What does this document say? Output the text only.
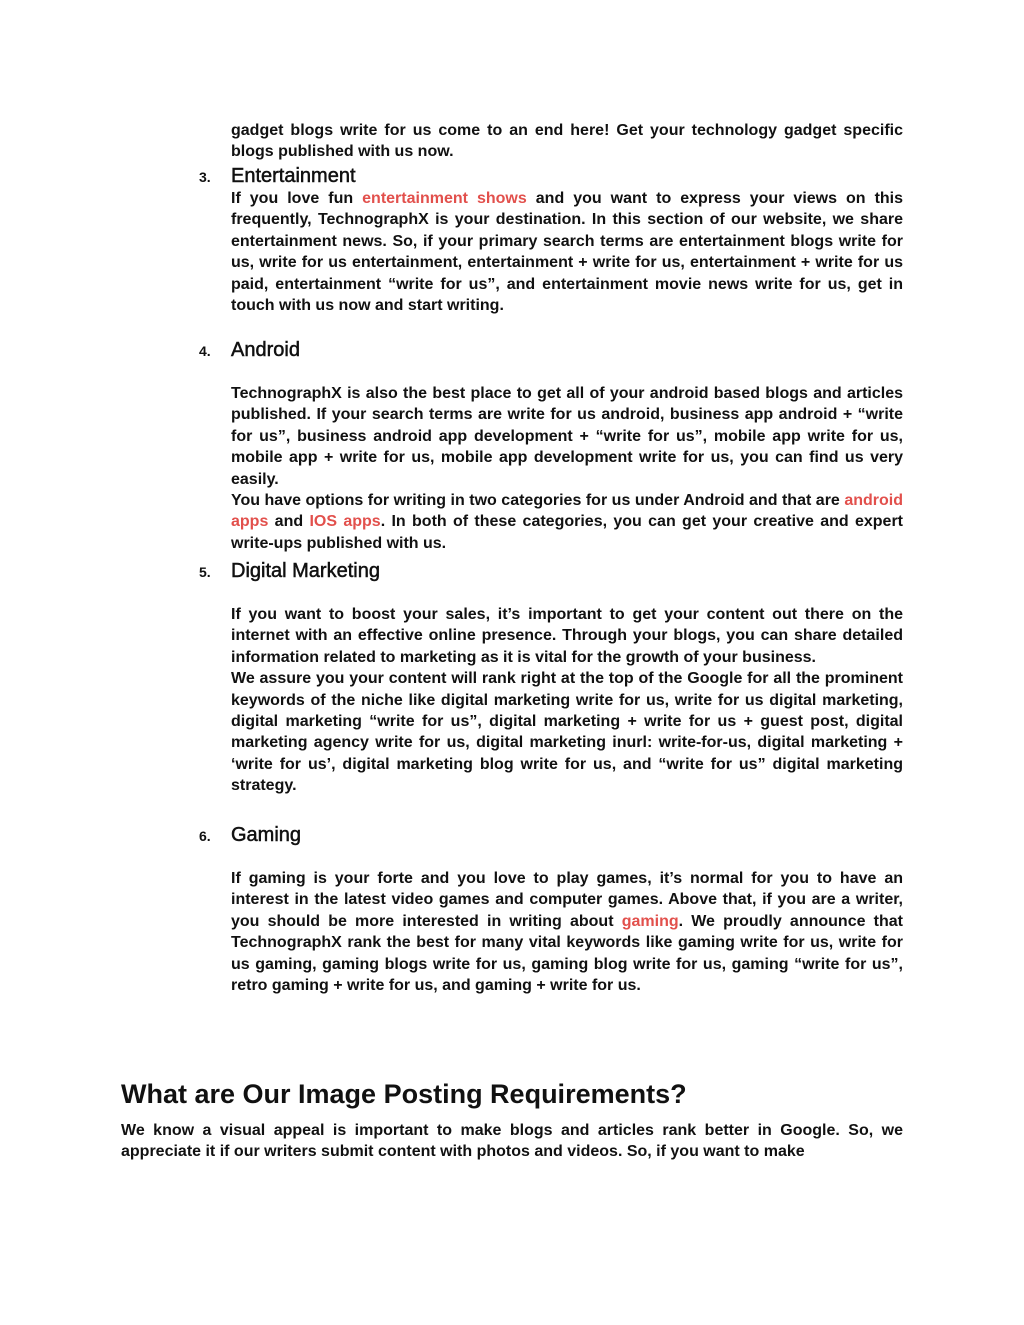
gadget blogs write for us come to an end here! Get your technology gadget specific blogs published with us now.

3.	Entertainment

If you love fun entertainment shows and you want to express your views on this frequently, TechnographX is your destination. In this section of our website, we share entertainment news. So, if your primary search terms are entertainment blogs write for us, write for us entertainment, entertainment + write for us, entertainment + write for us paid, entertainment “write for us”, and entertainment movie news write for us, get in touch with us now and start writing.

4.	Android

TechnographX is also the best place to get all of your android based blogs and articles published. If your search terms are write for us android, business app android + “write for us”, business android app development + “write for us”, mobile app write for us, mobile app + write for us, mobile app development write for us, you can find us very easily.

You have options for writing in two categories for us under Android and that are android apps and IOS apps. In both of these categories, you can get your creative and expert write-ups published with us.

5.	Digital Marketing

If you want to boost your sales, it’s important to get your content out there on the internet with an effective online presence. Through your blogs, you can share detailed information related to marketing as it is vital for the growth of your business.

We assure you your content will rank right at the top of the Google for all the prominent keywords of the niche like digital marketing write for us, write for us digital marketing, digital marketing “write for us”, digital marketing + write for us + guest post, digital marketing agency write for us, digital marketing inurl: write-for-us, digital marketing + ‘write for us’, digital marketing blog write for us, and “write for us” digital marketing strategy.

6.	Gaming

If gaming is your forte and you love to play games, it’s normal for you to have an interest in the latest video games and computer games. Above that, if you are a writer, you should be more interested in writing about gaming. We proudly announce that TechnographX rank the best for many vital keywords like gaming write for us, write for us gaming, gaming blogs write for us, gaming blog write for us, gaming “write for us”, retro gaming + write for us, and gaming + write for us.

What are Our Image Posting Requirements?

We know a visual appeal is important to make blogs and articles rank better in Google. So, we appreciate it if our writers submit content with photos and videos. So, if you want to make
